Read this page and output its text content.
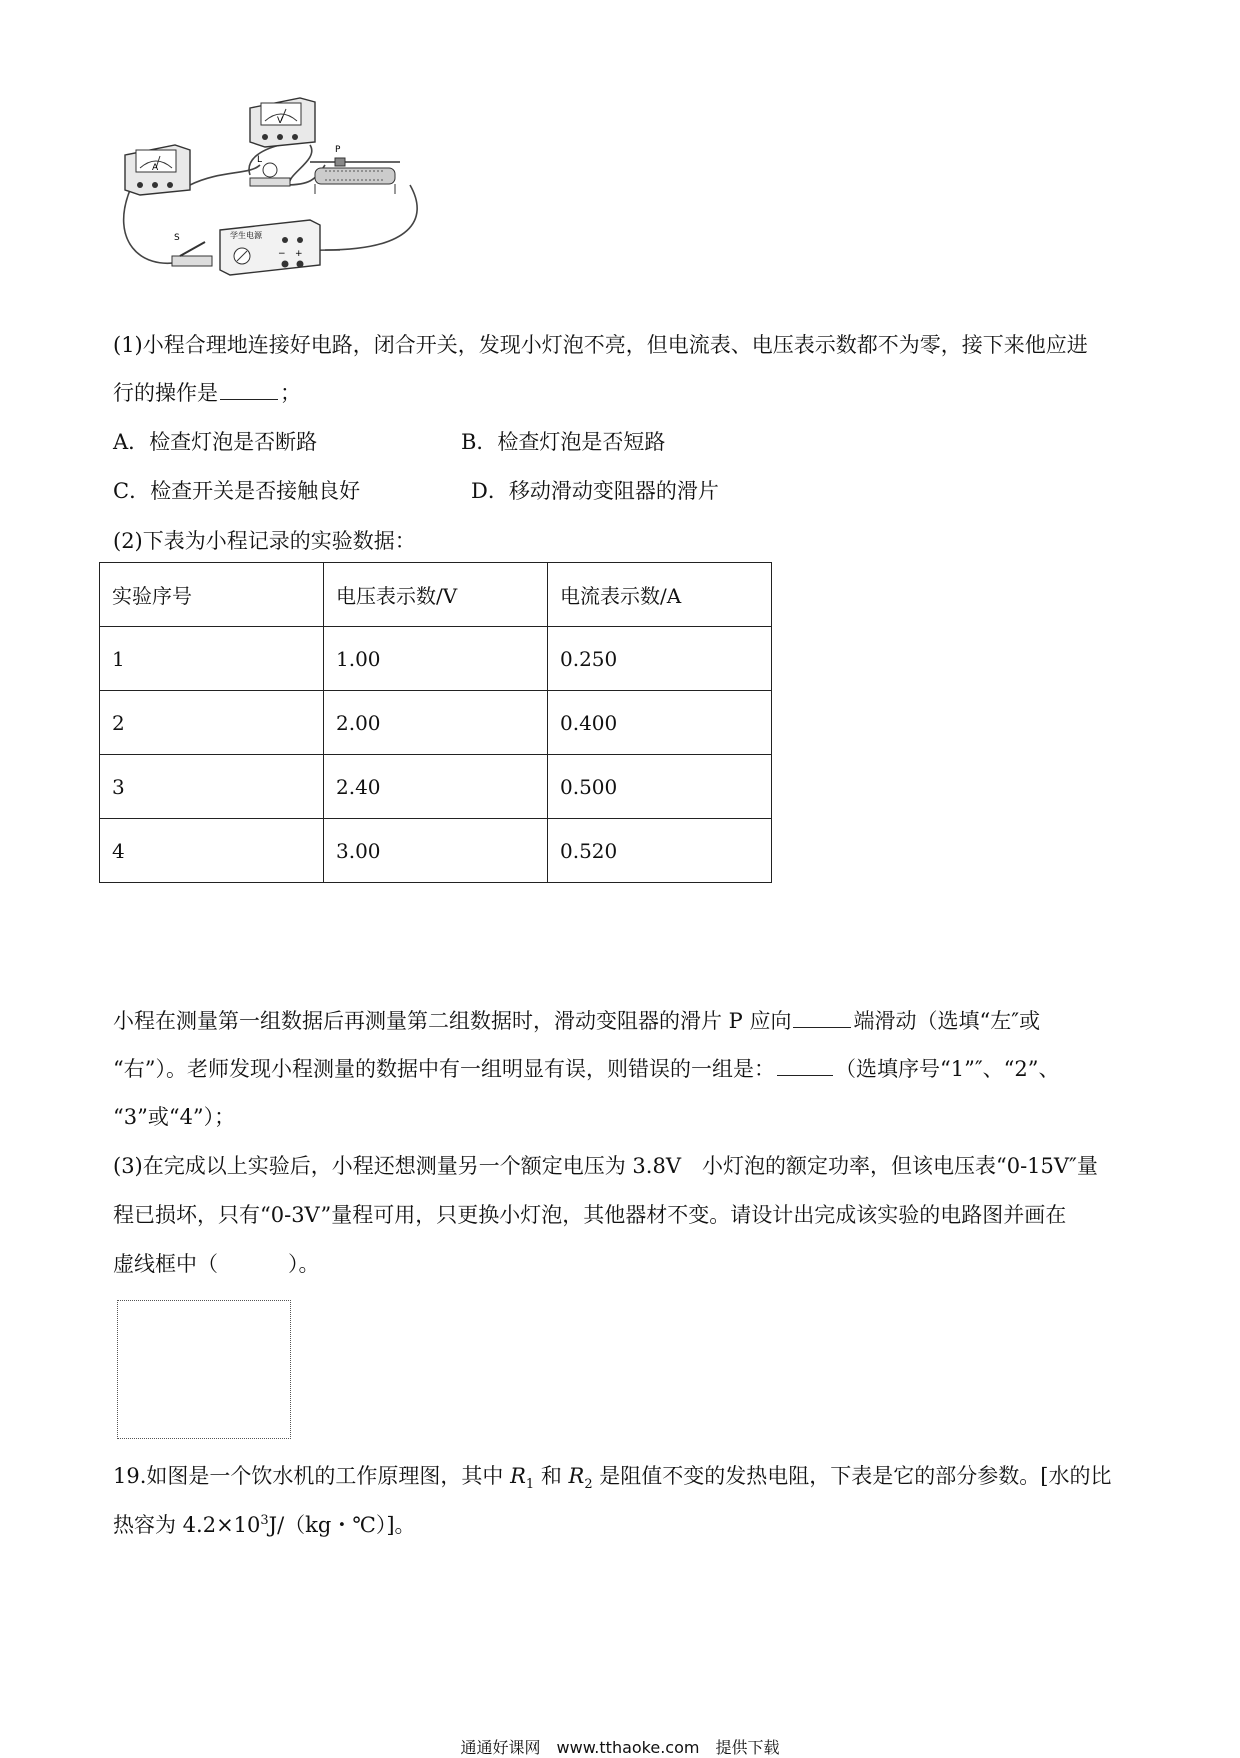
A
V
L
P
S	学生电源
− +
(1)小程合理地连接好电路，闭合开关，发现小灯泡不亮，但电流表、电压表示数都不为零，接下来他应进
行的操作是	；
A．检查灯泡是否断路	B．检查灯泡是否短路
C．检查开关是否接触良好	D．移动滑动变阻器的滑片
(2)下表为小程记录的实验数据：
实验序号	电压表示数/V	电流表示数/A
1	1.00	0.250
2	2.00	0.400
3	2.40	0.500
4	3.00	0.520
小程在测量第一组数据后再测量第二组数据时，滑动变阻器的滑片 P 应向	端滑动（选填“左″或
“右”）。老师发现小程测量的数据中有一组明显有误，则错误的一组是：	（选填序号“1”″、“2”、
“3”或“4”）；
(3)在完成以上实验后，小程还想测量另一个额定电压为 3.8V　小灯泡的额定功率，但该电压表“0-15V″量
程已损坏，只有“0-3V”量程可用，只更换小灯泡，其他器材不变。请设计出完成该实验的电路图并画在
虚线框中（	）。
19.如图是一个饮水机的工作原理图，其中 $R_1$ 和 $R_2$ 是阻值不变的发热电阻，下表是它的部分参数。[水的比
热容为 $4.2\times 10^3J/(kg$・℃）]。
通通好课网　www.tthaoke.com　提供下载
